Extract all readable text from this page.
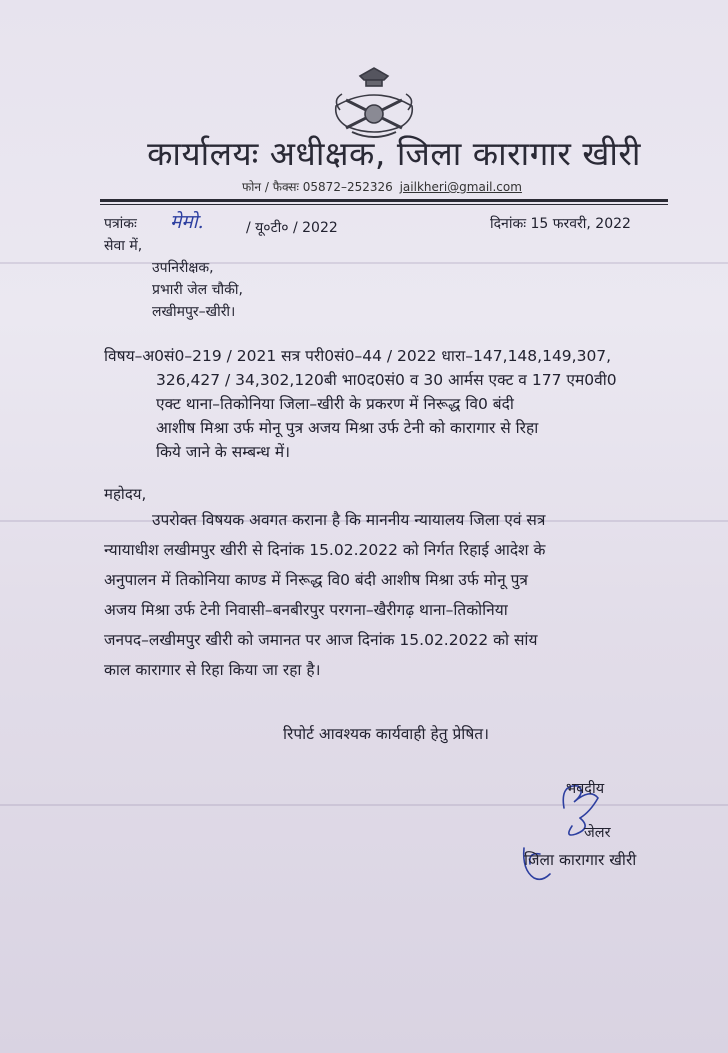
कार्यालयः अधीक्षक, जिला कारागार खीरी
फोन / फैक्सः 05872–252326 jailkheri@gmail.com
पत्रांकः मेमो.	/ यू०टी० / 2022	दिनांकः 15 फरवरी, 2022
सेवा में,
उपनिरीक्षक,
प्रभारी जेल चौकी,
लखीमपुर–खीरी।
विषय–अ0सं0–219 / 2021 सत्र परी0सं0–44 / 2022 धारा–147,148,149,307,
326,427 / 34,302,120बी भा0द0सं0 व 30 आर्मस एक्ट व 177 एम0वी0
एक्ट थाना–तिकोनिया जिला–खीरी के प्रकरण में निरूद्ध वि0 बंदी
आशीष मिश्रा उर्फ मोनू पुत्र अजय मिश्रा उर्फ टेनी को कारागार से रिहा
किये जाने के सम्बन्ध में।
महोदय,
उपरोक्त विषयक अवगत कराना है कि माननीय न्यायालय जिला एवं सत्र
न्यायाधीश लखीमपुर खीरी से दिनांक 15.02.2022 को निर्गत रिहाई आदेश के
अनुपालन में तिकोनिया काण्ड में निरूद्ध वि0 बंदी आशीष मिश्रा उर्फ मोनू पुत्र
अजय मिश्रा उर्फ टेनी निवासी–बनबीरपुर परगना–खैरीगढ़ थाना–तिकोनिया
जनपद–लखीमपुर खीरी को जमानत पर आज दिनांक 15.02.2022 को सांय
काल कारागार से रिहा किया जा रहा है।
रिपोर्ट आवश्यक कार्यवाही हेतु प्रेषित।
भवदीय
जेलर
जिला कारागार खीरी
